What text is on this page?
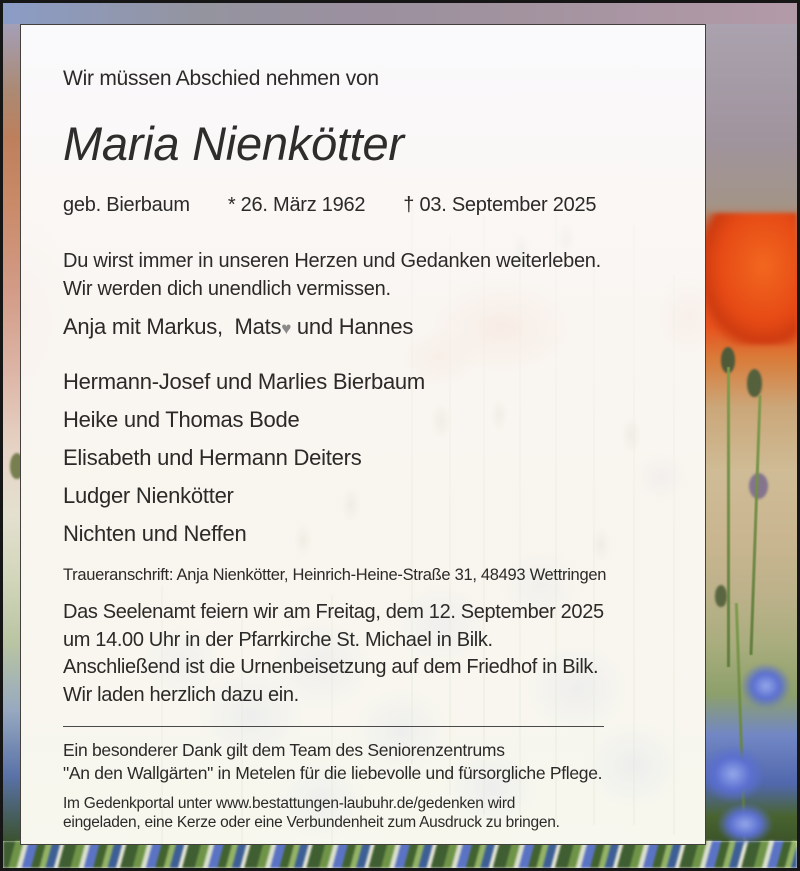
Wir müssen Abschied nehmen von

Maria Nienkötter
geb. Bierbaum * 26. März 1962 † 03. September 2025

Du wirst immer in unseren Herzen und Gedanken weiterleben.
Wir werden dich unendlich vermissen.

Anja mit Markus,  Mats♥ und Hannes

Hermann-Josef und Marlies Bierbaum
Heike und Thomas Bode
Elisabeth und Hermann Deiters
Ludger Nienkötter
Nichten und Neffen

Traueranschrift: Anja Nienkötter, Heinrich-Heine-Straße 31, 48493 Wettringen

Das Seelenamt feiern wir am Freitag, dem 12. September 2025
um 14.00 Uhr in der Pfarrkirche St. Michael in Bilk.
Anschließend ist die Urnenbeisetzung auf dem Friedhof in Bilk.
Wir laden herzlich dazu ein.

Ein besonderer Dank gilt dem Team des Seniorenzentrums
"An den Wallgärten" in Metelen für die liebevolle und fürsorgliche Pflege.

Im Gedenkportal unter www.bestattungen-laubuhr.de/gedenken wird
eingeladen, eine Kerze oder eine Verbundenheit zum Ausdruck zu bringen.
